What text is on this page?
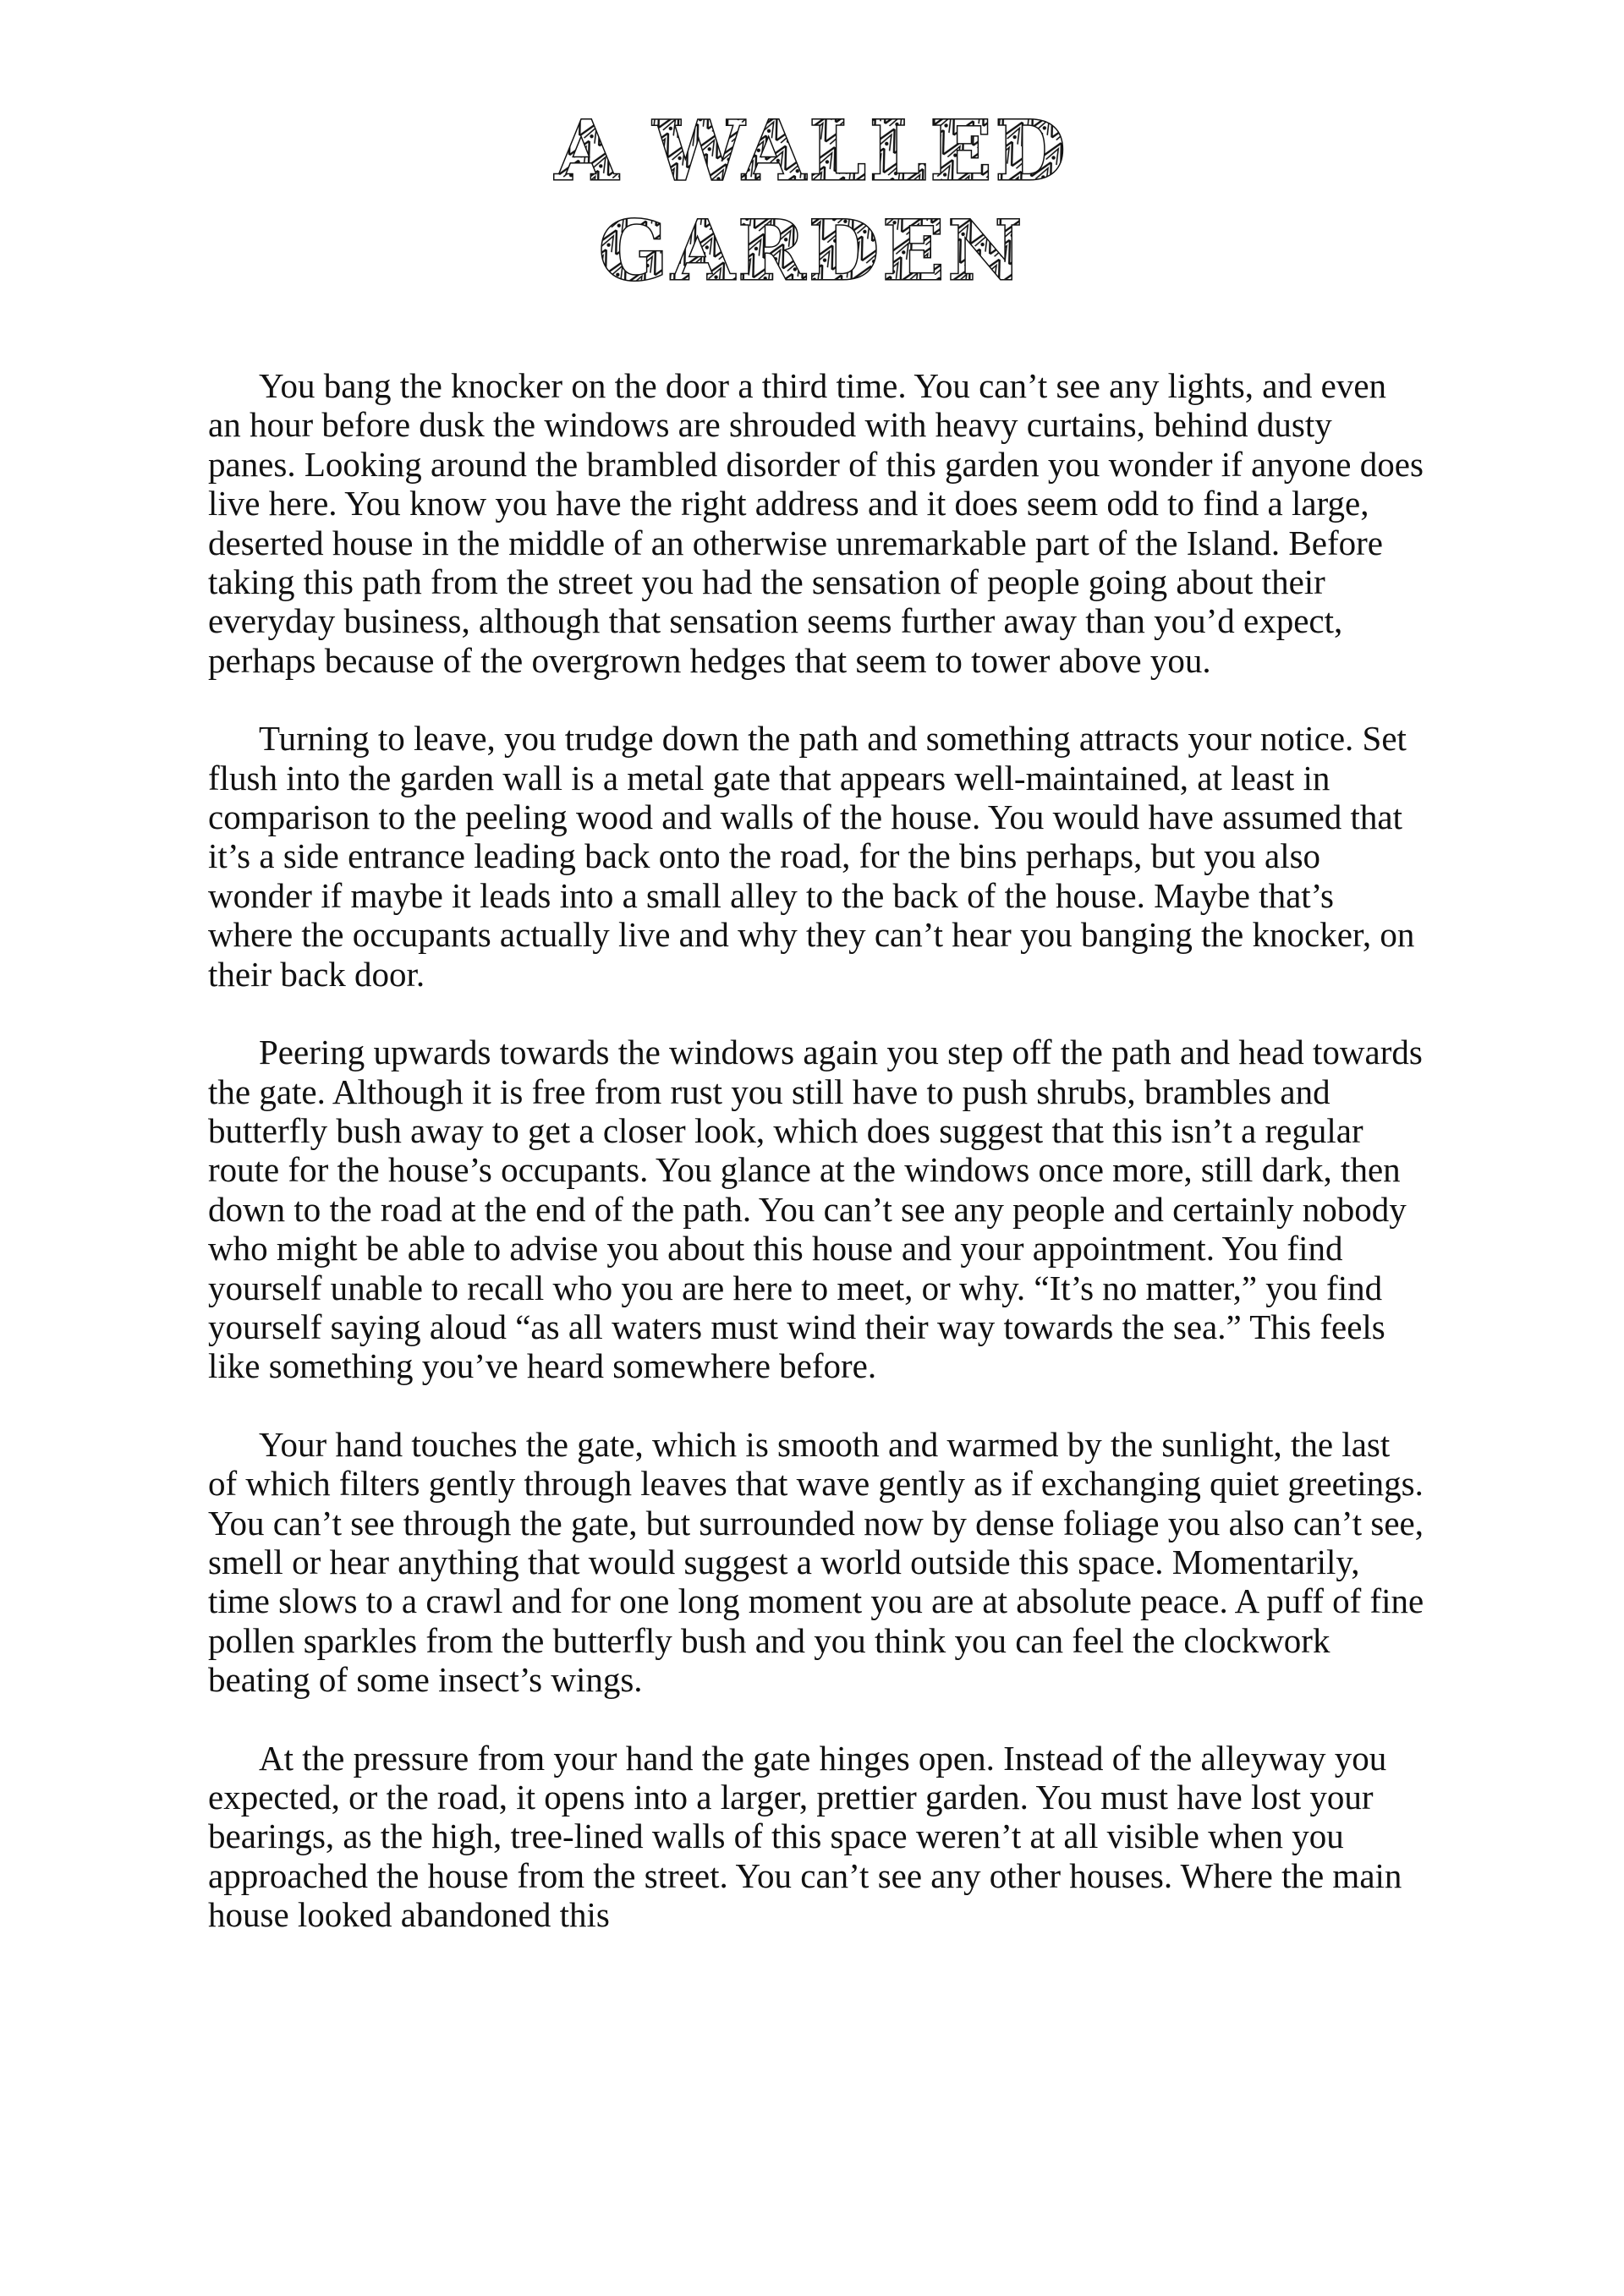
A WALLED
GARDEN

You bang the knocker on the door a third time. You can’t see any lights, and even an hour before dusk the windows are shrouded with heavy curtains, behind dusty panes. Looking around the brambled disorder of this garden you wonder if anyone does live here. You know you have the right address and it does seem odd to find a large, deserted house in the middle of an otherwise unremarkable part of the Island. Before taking this path from the street you had the sensation of people going about their everyday business, although that sensation seems further away than you’d expect, perhaps because of the overgrown hedges that seem to tower above you.

Turning to leave, you trudge down the path and something attracts your notice. Set flush into the garden wall is a metal gate that appears well-maintained, at least in comparison to the peeling wood and walls of the house. You would have assumed that it’s a side entrance leading back onto the road, for the bins perhaps, but you also wonder if maybe it leads into a small alley to the back of the house. Maybe that’s where the occupants actually live and why they can’t hear you banging the knocker, on their back door.

Peering upwards towards the windows again you step off the path and head towards the gate. Although it is free from rust you still have to push shrubs, brambles and butterfly bush away to get a closer look, which does suggest that this isn’t a regular route for the house’s occupants. You glance at the windows once more, still dark, then down to the road at the end of the path. You can’t see any people and certainly nobody who might be able to advise you about this house and your appointment. You find yourself unable to recall who you are here to meet, or why. “It’s no matter,” you find yourself saying aloud “as all waters must wind their way towards the sea.” This feels like something you’ve heard somewhere before.

Your hand touches the gate, which is smooth and warmed by the sunlight, the last of which filters gently through leaves that wave gently as if exchanging quiet greetings. You can’t see through the gate, but surrounded now by dense foliage you also can’t see, smell or hear anything that would suggest a world outside this space. Momentarily, time slows to a crawl and for one long moment you are at absolute peace. A puff of fine pollen sparkles from the butterfly bush and you think you can feel the clockwork beating of some insect’s wings.

At the pressure from your hand the gate hinges open. Instead of the alleyway you expected, or the road, it opens into a larger, prettier garden. You must have lost your bearings, as the high, tree-lined walls of this space weren’t at all visible when you approached the house from the street. You can’t see any other houses. Where the main house looked abandoned this
